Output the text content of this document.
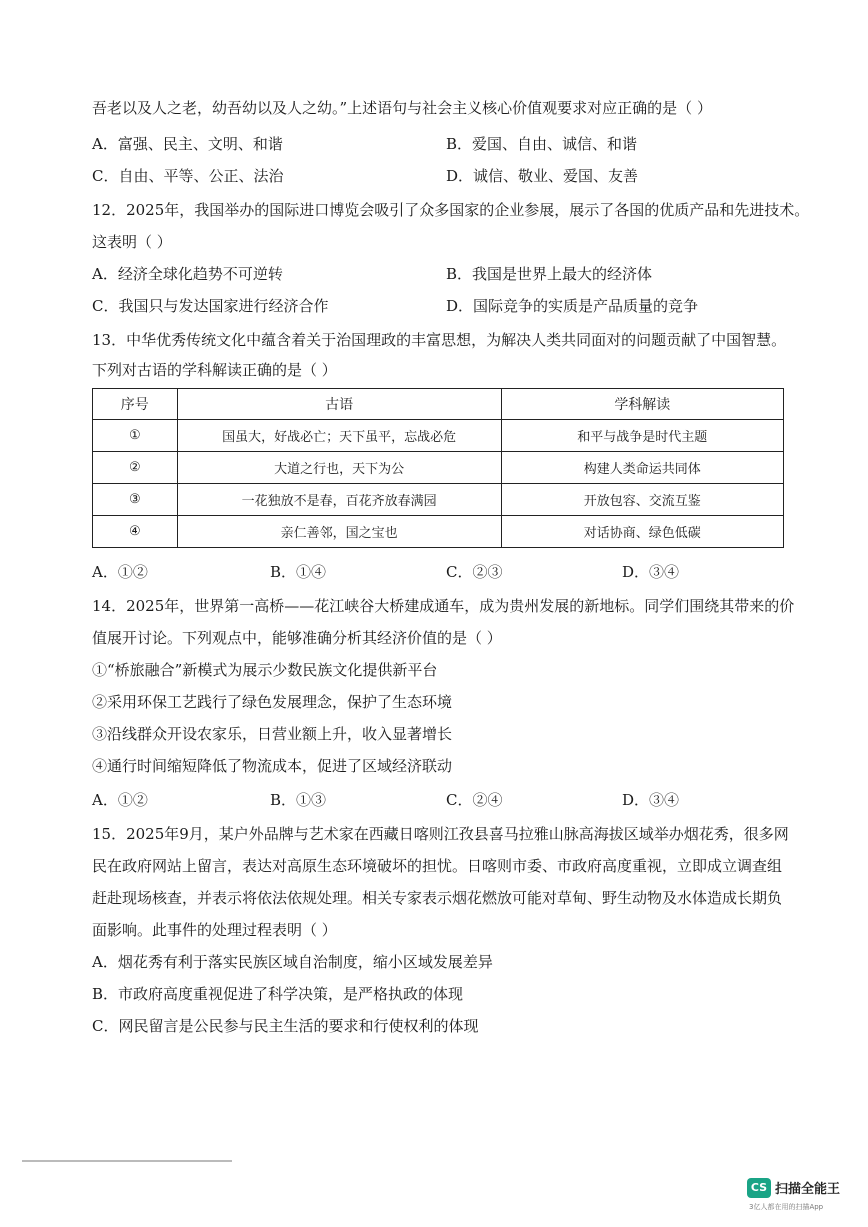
吾老以及人之老，幼吾幼以及人之幼。”上述语句与社会主义核心价值观要求对应正确的是（ ）
A．富强、民主、文明、和谐	B．爱国、自由、诚信、和谐
C．自由、平等、公正、法治	D．诚信、敬业、爱国、友善
12．2025年，我国举办的国际进口博览会吸引了众多国家的企业参展，展示了各国的优质产品和先进技术。
这表明（ ）
A．经济全球化趋势不可逆转	B．我国是世界上最大的经济体
C．我国只与发达国家进行经济合作	D．国际竞争的实质是产品质量的竞争
13．中华优秀传统文化中蕴含着关于治国理政的丰富思想，为解决人类共同面对的问题贡献了中国智慧。
下列对古语的学科解读正确的是（ ）
序号	古语	学科解读
①	国虽大，好战必亡；天下虽平，忘战必危	和平与战争是时代主题
②	大道之行也，天下为公	构建人类命运共同体
③	一花独放不是春，百花齐放春满园	开放包容、交流互鉴
④	亲仁善邻，国之宝也	对话协商、绿色低碳
A．①②	B．①④	C．②③	D．③④
14．2025年，世界第一高桥——花江峡谷大桥建成通车，成为贵州发展的新地标。同学们围绕其带来的价
值展开讨论。下列观点中，能够准确分析其经济价值的是（ ）
①“桥旅融合”新模式为展示少数民族文化提供新平台
②采用环保工艺践行了绿色发展理念，保护了生态环境
③沿线群众开设农家乐，日营业额上升，收入显著增长
④通行时间缩短降低了物流成本，促进了区域经济联动
A．①②	B．①③	C．②④	D．③④
15．2025年9月，某户外品牌与艺术家在西藏日喀则江孜县喜马拉雅山脉高海拔区域举办烟花秀，很多网
民在政府网站上留言，表达对高原生态环境破坏的担忧。日喀则市委、市政府高度重视，立即成立调查组
赶赴现场核查，并表示将依法依规处理。相关专家表示烟花燃放可能对草甸、野生动物及水体造成长期负
面影响。此事件的处理过程表明（ ）
A．烟花秀有利于落实民族区域自治制度，缩小区域发展差异
B．市政府高度重视促进了科学决策，是严格执政的体现
C．网民留言是公民参与民主生活的要求和行使权利的体现
CS 扫描全能王
3亿人都在用的扫描App
